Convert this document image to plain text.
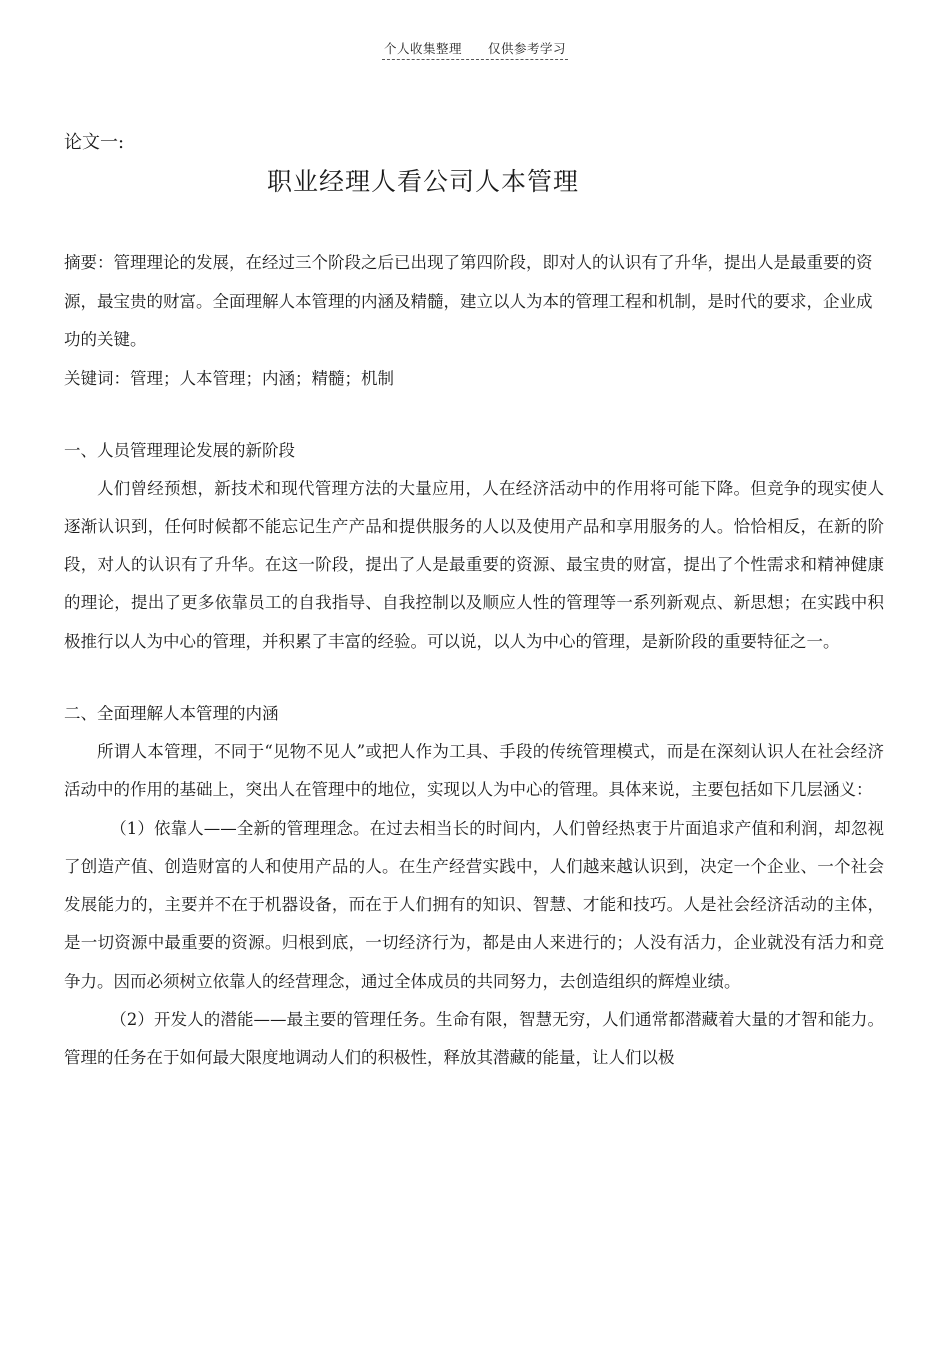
个人收集整理 仅供参考学习

论文一:

职业经理人看公司人本管理

摘要：管理理论的发展，在经过三个阶段之后已出现了第四阶段，即对人的认识有了升华，提出人是最重要的资源，最宝贵的财富。全面理解人本管理的内涵及精髓，建立以人为本的管理工程和机制，是时代的要求，企业成功的关键。

关键词：管理；人本管理；内涵；精髓；机制

一、人员管理理论发展的新阶段

人们曾经预想，新技术和现代管理方法的大量应用，人在经济活动中的作用将可能下降。但竞争的现实使人逐渐认识到，任何时候都不能忘记生产产品和提供服务的人以及使用产品和享用服务的人。恰恰相反，在新的阶段，对人的认识有了升华。在这一阶段，提出了人是最重要的资源、最宝贵的财富，提出了个性需求和精神健康的理论，提出了更多依靠员工的自我指导、自我控制以及顺应人性的管理等一系列新观点、新思想；在实践中积极推行以人为中心的管理，并积累了丰富的经验。可以说，以人为中心的管理，是新阶段的重要特征之一。

二、全面理解人本管理的内涵

所谓人本管理，不同于“见物不见人”或把人作为工具、手段的传统管理模式，而是在深刻认识人在社会经济活动中的作用的基础上，突出人在管理中的地位，实现以人为中心的管理。具体来说，主要包括如下几层涵义：

（1）依靠人——全新的管理理念。在过去相当长的时间内，人们曾经热衷于片面追求产值和利润，却忽视了创造产值、创造财富的人和使用产品的人。在生产经营实践中，人们越来越认识到，决定一个企业、一个社会发展能力的，主要并不在于机器设备，而在于人们拥有的知识、智慧、才能和技巧。人是社会经济活动的主体，是一切资源中最重要的资源。归根到底，一切经济行为，都是由人来进行的；人没有活力，企业就没有活力和竞争力。因而必须树立依靠人的经营理念，通过全体成员的共同努力，去创造组织的辉煌业绩。

（2）开发人的潜能——最主要的管理任务。生命有限，智慧无穷，人们通常都潜藏着大量的才智和能力。管理的任务在于如何最大限度地调动人们的积极性，释放其潜藏的能量，让人们以极
